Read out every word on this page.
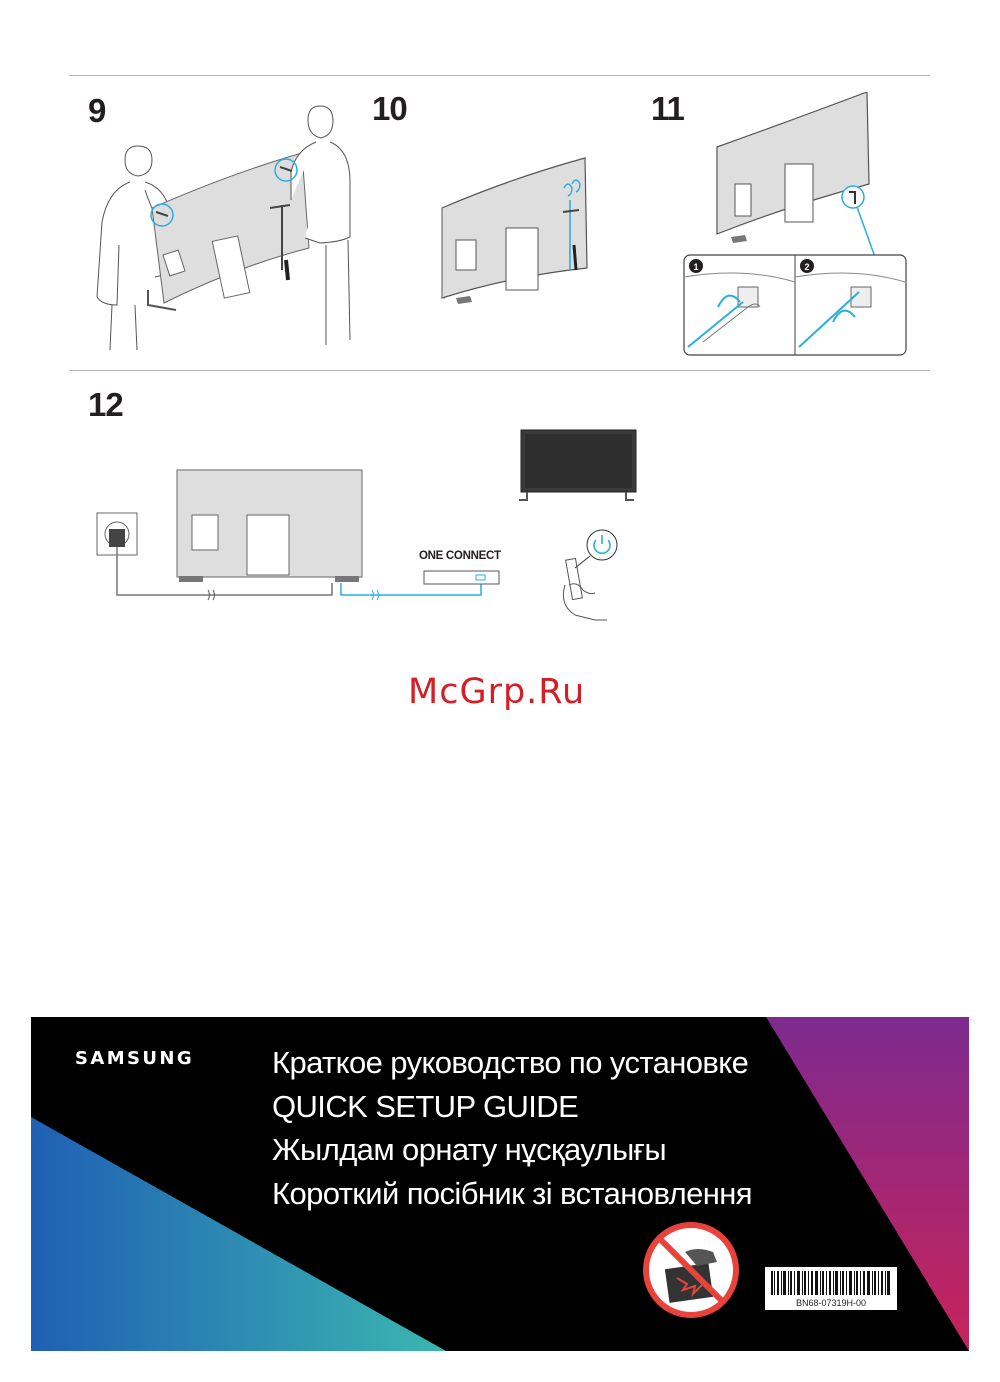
9	10	11
12
1	2
ONE CONNECT
McGrp.Ru
SAMSUNG	Краткое руководство по установке
QUICK SETUP GUIDE
Жылдам орнату нұсқаулығы
Короткий посібник зі встановлення
BN68-07319H-00
